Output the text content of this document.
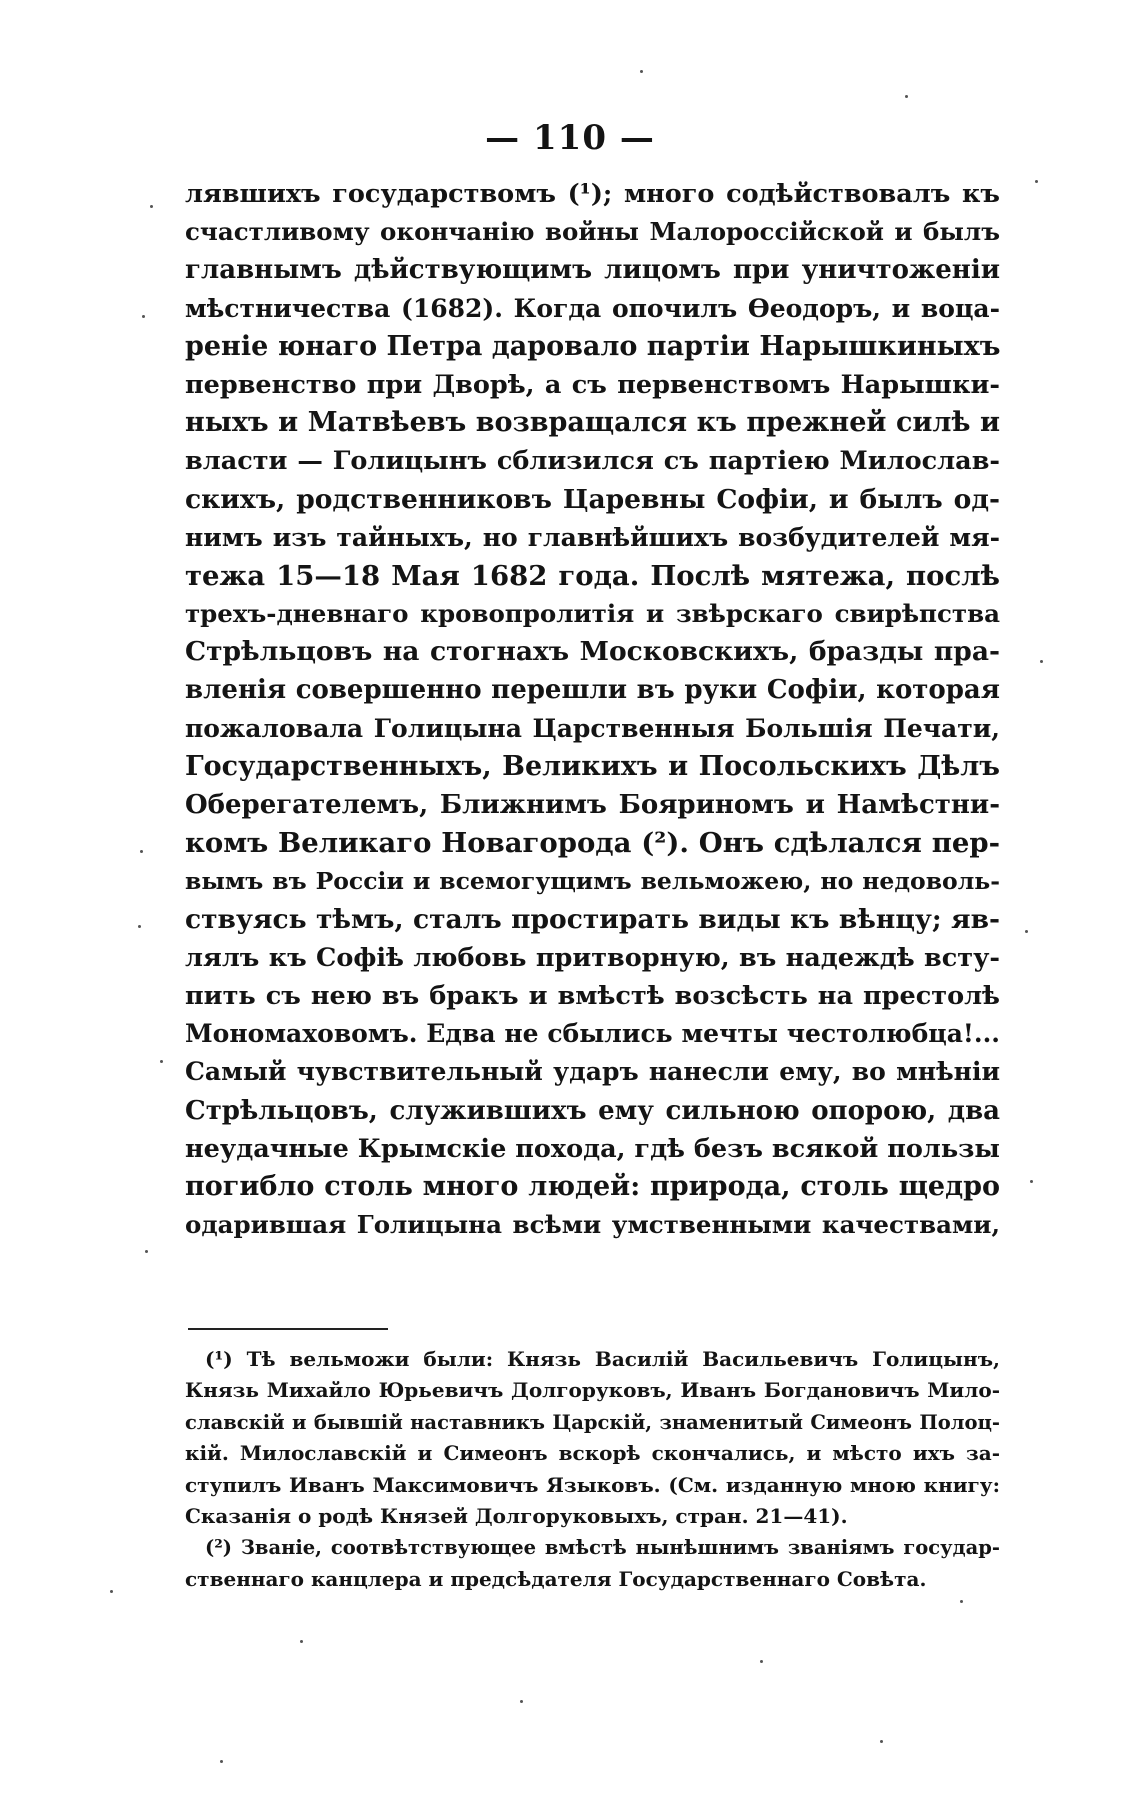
— 110 —
лявшихъ государствомъ (¹); много содѣйствовалъ къ
счастливому окончанію войны Малороссійской и былъ
главнымъ дѣйствующимъ лицомъ при уничтоженіи
мѣстничества (1682). Когда опочилъ Ѳеодоръ, и воца-
реніе юнаго Петра даровало партіи Нарышкиныхъ
первенство при Дворѣ, а съ первенствомъ Нарышки-
ныхъ и Матвѣевъ возвращался къ прежней силѣ и
власти — Голицынъ сблизился съ партіею Милослав-
скихъ, родственниковъ Царевны Софіи, и былъ од-
нимъ изъ тайныхъ, но главнѣйшихъ возбудителей мя-
тежа 15—18 Мая 1682 года. Послѣ мятежа, послѣ
трехъ-дневнаго кровопролитія и звѣрскаго свирѣпства
Стрѣльцовъ на стогнахъ Московскихъ, бразды пра-
вленія совершенно перешли въ руки Софіи, которая
пожаловала Голицына Царственныя Большія Печати,
Государственныхъ, Великихъ и Посольскихъ Дѣлъ
Оберегателемъ, Ближнимъ Бояриномъ и Намѣстни-
комъ Великаго Новагорода (²). Онъ сдѣлался пер-
вымъ въ Россіи и всемогущимъ вельможею, но недоволь-
ствуясь тѣмъ, сталъ простирать виды къ вѣнцу; яв-
лялъ къ Софіѣ любовь притворную, въ надеждѣ всту-
пить съ нею въ бракъ и вмѣстѣ возсѣсть на престолѣ
Мономаховомъ. Едва не сбылись мечты честолюбца!...
Самый чувствительный ударъ нанесли ему, во мнѣніи
Стрѣльцовъ, служившихъ ему сильною опорою, два
неудачные Крымскіе похода, гдѣ безъ всякой пользы
погибло столь много людей: природа, столь щедро
одарившая Голицына всѣми умственными качествами,
(¹) Тѣ вельможи были: Князь Василій Васильевичъ Голицынъ,
Князь Михайло Юрьевичъ Долгоруковъ, Иванъ Богдановичъ Мило-
славскій и бывшій наставникъ Царскій, знаменитый Симеонъ Полоц-
кій. Милославскій и Симеонъ вскорѣ скончались, и мѣсто ихъ за-
ступилъ Иванъ Максимовичъ Языковъ. (См. изданную мною книгу:
Сказанія о родѣ Князей Долгоруковыхъ, стран. 21—41).
(²) Званіе, соотвѣтствующее вмѣстѣ нынѣшнимъ званіямъ государ-
ственнаго канцлера и предсѣдателя Государственнаго Совѣта.
